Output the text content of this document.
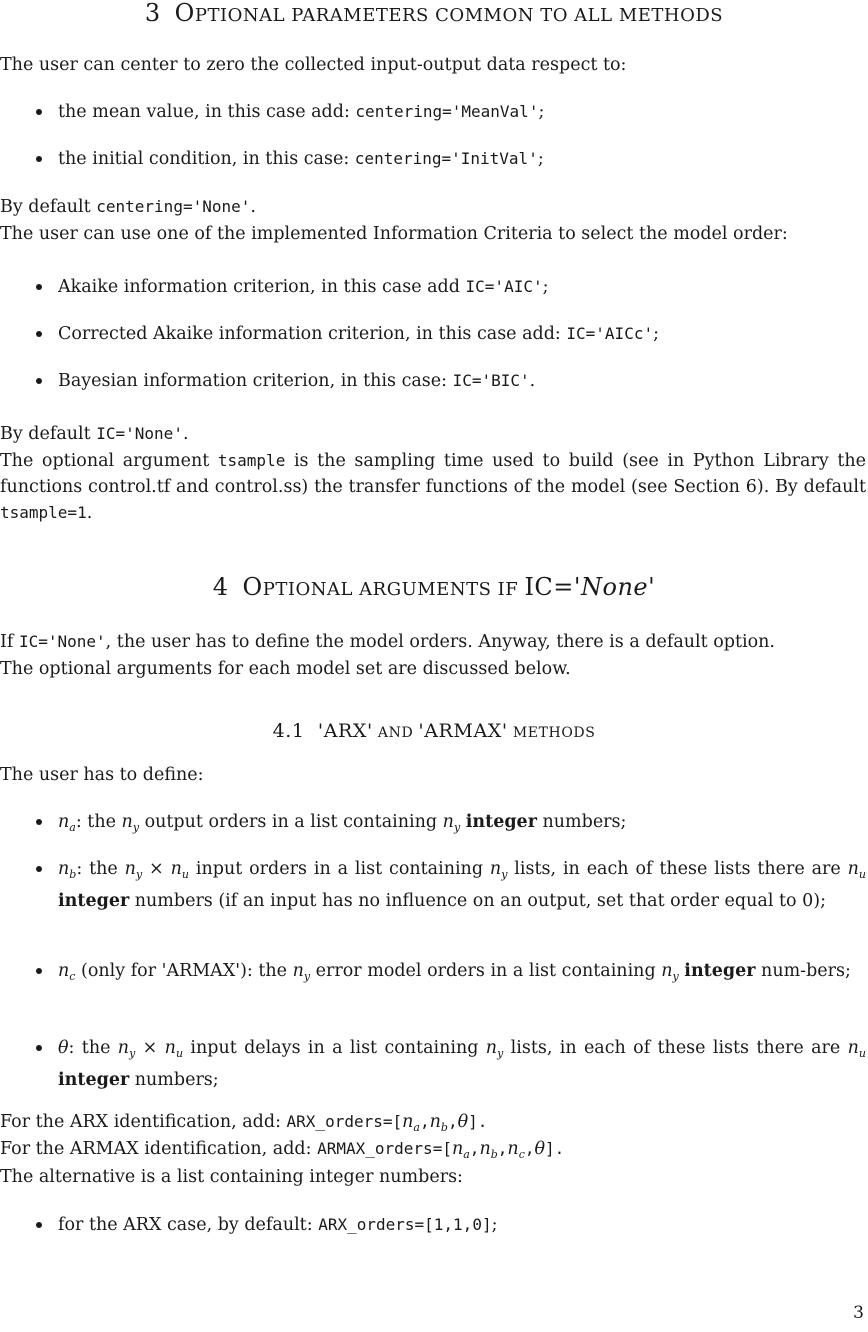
3 OPTIONAL PARAMETERS COMMON TO ALL METHODS
The user can center to zero the collected input-output data respect to:
the mean value, in this case add: centering='MeanVal';
the initial condition, in this case: centering='InitVal';
By default centering='None'.
The user can use one of the implemented Information Criteria to select the model order:
Akaike information criterion, in this case add IC='AIC';
Corrected Akaike information criterion, in this case add: IC='AICc';
Bayesian information criterion, in this case: IC='BIC'.
By default IC='None'.
The optional argument tsample is the sampling time used to build (see in Python Library the functions control.tf and control.ss) the transfer functions of the model (see Section 6). By default tsample=1.
4 OPTIONAL ARGUMENTS IF IC='None'
If IC='None', the user has to define the model orders. Anyway, there is a default option.
The optional arguments for each model set are discussed below.
4.1 'ARX' AND 'ARMAX' METHODS
The user has to define:
$n_a$: the $n_y$ output orders in a list containing $n_y$ integer numbers;
$n_b$: the $n_y \times n_u$ input orders in a list containing $n_y$ lists, in each of these lists there are $n_u$ integer numbers (if an input has no influence on an output, set that order equal to 0);
$n_c$ (only for 'ARMAX'): the $n_y$ error model orders in a list containing $n_y$ integer num-bers;
θ: the $n_y \times n_u$ input delays in a list containing $n_y$ lists, in each of these lists there are $n_u$ integer numbers;
For the ARX identification, add: $ARX\_orders=[n_a,n_b,\theta]$.
For the ARMAX identification, add: $ARMAX\_orders=[n_a,n_b,n_c,\theta]$.
The alternative is a list containing integer numbers:
for the ARX case, by default: ARX_orders=[1,1,0];
3
